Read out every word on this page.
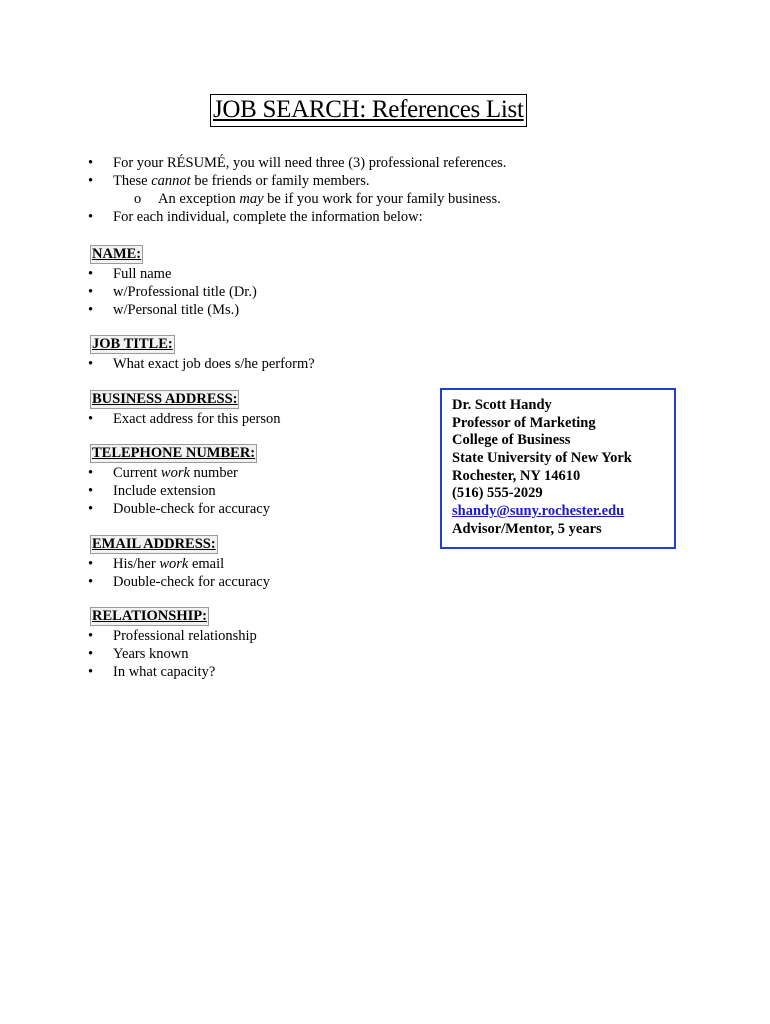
JOB SEARCH: References List
•	For your RÉSUMÉ, you will need three (3) professional references.
•	These cannot be friends or family members.
o An exception may be if you work for your family business.
•	For each individual, complete the information below:
NAME:
•	Full name
•	w/Professional title (Dr.)
•	w/Personal title (Ms.)
JOB TITLE:
•	What exact job does s/he perform?
BUSINESS ADDRESS:
•	Exact address for this person
TELEPHONE NUMBER:
•	Current work number
•	Include extension
•	Double-check for accuracy
EMAIL ADDRESS:
•	His/her work email
•	Double-check for accuracy
RELATIONSHIP:
•	Professional relationship
•	Years known
•	In what capacity?
Dr. Scott Handy
Professor of Marketing
College of Business
State University of New York
Rochester, NY 14610
(516) 555-2029
shandy@suny.rochester.edu
Advisor/Mentor, 5 years
